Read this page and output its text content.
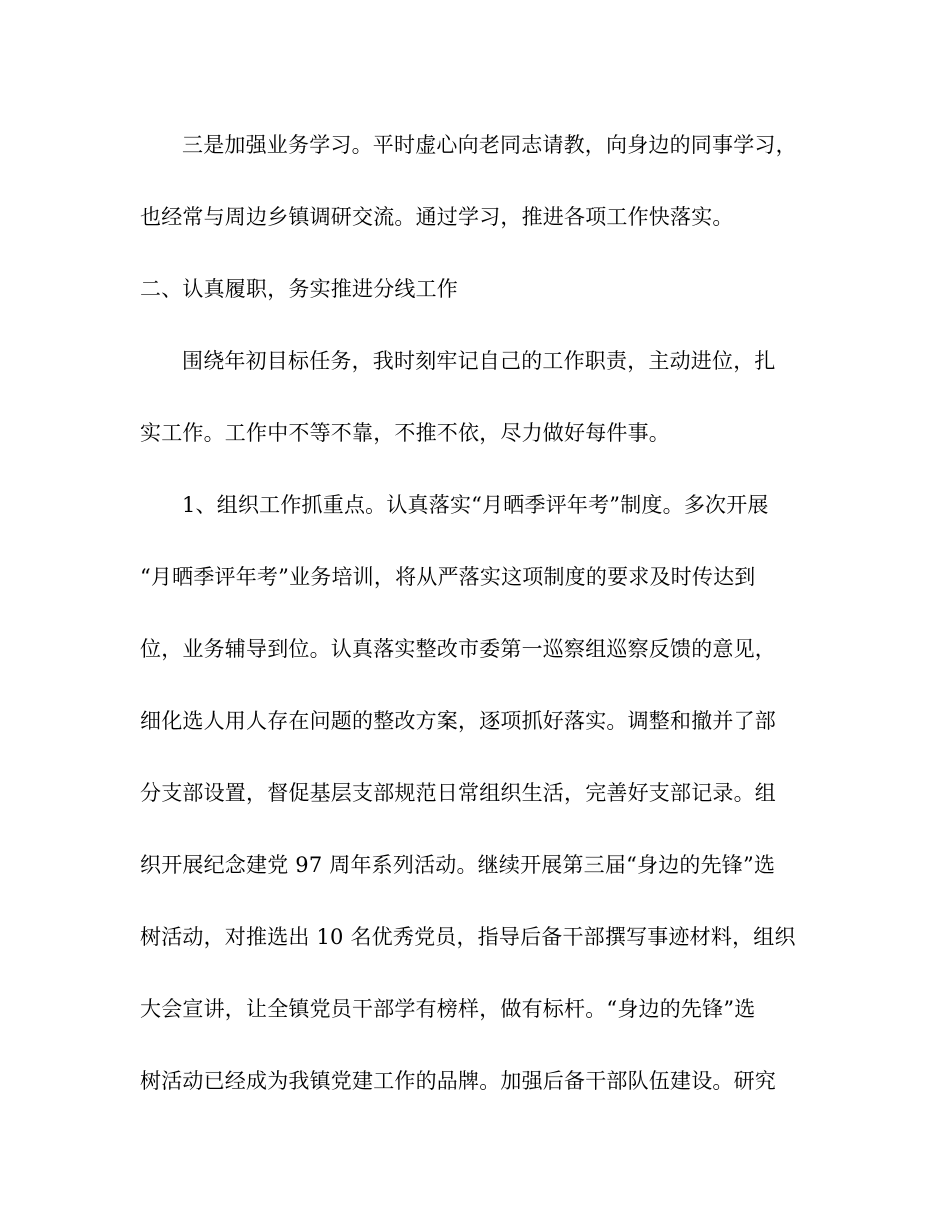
三是加强业务学习。平时虚心向老同志请教，向身边的同事学习，
也经常与周边乡镇调研交流。通过学习，推进各项工作快落实。
二、认真履职，务实推进分线工作
围绕年初目标任务，我时刻牢记自己的工作职责，主动进位，扎
实工作。工作中不等不靠，不推不依，尽力做好每件事。
1、组织工作抓重点。认真落实“月晒季评年考”制度。多次开展
“月晒季评年考”业务培训，将从严落实这项制度的要求及时传达到
位，业务辅导到位。认真落实整改市委第一巡察组巡察反馈的意见，
细化选人用人存在问题的整改方案，逐项抓好落实。调整和撤并了部
分支部设置，督促基层支部规范日常组织生活，完善好支部记录。组
织开展纪念建党 97 周年系列活动。继续开展第三届“身边的先锋”选
树活动，对推选出 10 名优秀党员，指导后备干部撰写事迹材料，组织
大会宣讲，让全镇党员干部学有榜样，做有标杆。“身边的先锋”选
树活动已经成为我镇党建工作的品牌。加强后备干部队伍建设。研究
